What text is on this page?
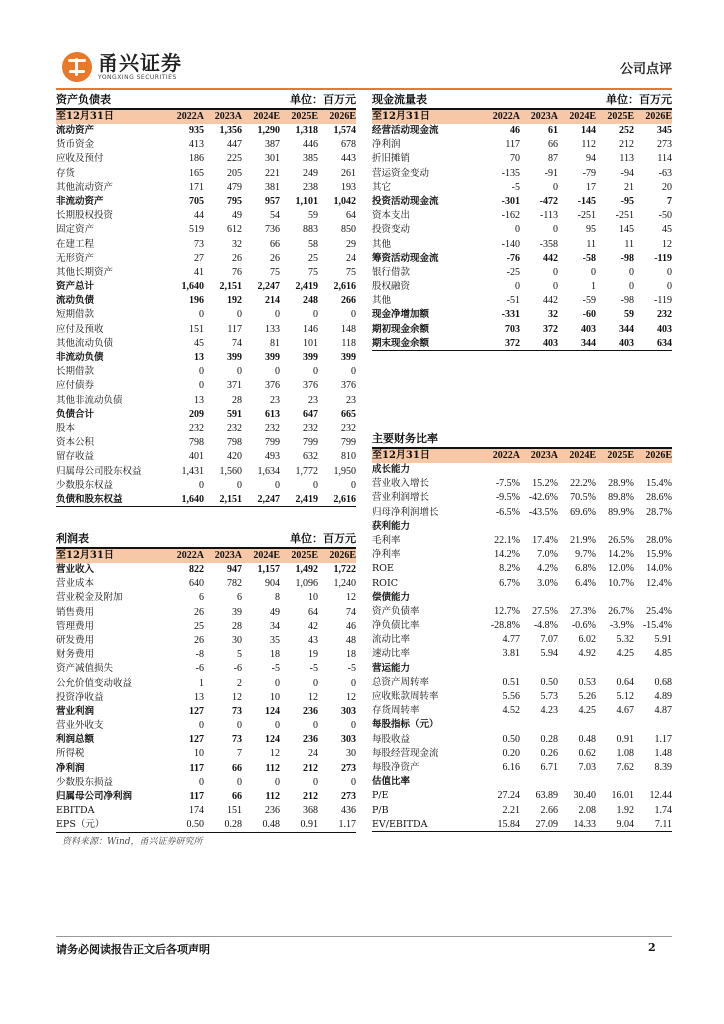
甬兴证券
YONGXING SECURITIES
公司点评
资产负债表	单位：百万元
至12月31日	2022A	2023A	2024E	2025E	2026E
流动资产	935	1,356	1,290	1,318	1,574
货币资金	413	447	387	446	678
应收及预付	186	225	301	385	443
存货	165	205	221	249	261
其他流动资产	171	479	381	238	193
非流动资产	705	795	957	1,101	1,042
长期股权投资	44	49	54	59	64
固定资产	519	612	736	883	850
在建工程	73	32	66	58	29
无形资产	27	26	26	25	24
其他长期资产	41	76	75	75	75
资产总计	1,640	2,151	2,247	2,419	2,616
流动负债	196	192	214	248	266
短期借款	0	0	0	0	0
应付及预收	151	117	133	146	148
其他流动负债	45	74	81	101	118
非流动负债	13	399	399	399	399
长期借款	0	0	0	0	0
应付债券	0	371	376	376	376
其他非流动负债	13	28	23	23	23
负债合计	209	591	613	647	665
股本	232	232	232	232	232
资本公积	798	798	799	799	799
留存收益	401	420	493	632	810
归属母公司股东权益	1,431	1,560	1,634	1,772	1,950
少数股东权益	0	0	0	0	0
负债和股东权益	1,640	2,151	2,247	2,419	2,616
利润表	单位：百万元
至12月31日	2022A	2023A	2024E	2025E	2026E
营业收入	822	947	1,157	1,492	1,722
营业成本	640	782	904	1,096	1,240
营业税金及附加	6	6	8	10	12
销售费用	26	39	49	64	74
管理费用	25	28	34	42	46
研发费用	26	30	35	43	48
财务费用	-8	5	18	19	18
资产减值损失	-6	-6	-5	-5	-5
公允价值变动收益	1	2	0	0	0
投资净收益	13	12	10	12	12
营业利润	127	73	124	236	303
营业外收支	0	0	0	0	0
利润总额	127	73	124	236	303
所得税	10	7	12	24	30
净利润	117	66	112	212	273
少数股东损益	0	0	0	0	0
归属母公司净利润	117	66	112	212	273
EBITDA	174	151	236	368	436
EPS（元）	0.50	0.28	0.48	0.91	1.17
现金流量表	单位：百万元
至12月31日	2022A	2023A	2024E	2025E	2026E
经营活动现金流	46	61	144	252	345
净利润	117	66	112	212	273
折旧摊销	70	87	94	113	114
营运资金变动	-135	-91	-79	-94	-63
其它	-5	0	17	21	20
投资活动现金流	-301	-472	-145	-95	7
资本支出	-162	-113	-251	-251	-50
投资变动	0	0	95	145	45
其他	-140	-358	11	11	12
筹资活动现金流	-76	442	-58	-98	-119
银行借款	-25	0	0	0	0
股权融资	0	0	1	0	0
其他	-51	442	-59	-98	-119
现金净增加额	-331	32	-60	59	232
期初现金余额	703	372	403	344	403
期末现金余额	372	403	344	403	634
主要财务比率
至12月31日	2022A	2023A	2024E	2025E	2026E
成长能力
营业收入增长	-7.5%	15.2%	22.2%	28.9%	15.4%
营业利润增长	-9.5% -42.6%	70.5%	89.8%	28.6%
归母净利润增长	-6.5% -43.5%	69.6%	89.9%	28.7%
获利能力
毛利率	22.1%	17.4%	21.9%	26.5%	28.0%
净利率	14.2%	7.0%	9.7%	14.2%	15.9%
ROE	8.2%	4.2%	6.8%	12.0%	14.0%
ROIC	6.7%	3.0%	6.4%	10.7%	12.4%
偿债能力
资产负债率	12.7%	27.5%	27.3%	26.7%	25.4%
净负债比率	-28.8%	-4.8%	-0.6%	-3.9% -15.4%
流动比率	4.77	7.07	6.02	5.32	5.91
速动比率	3.81	5.94	4.92	4.25	4.85
营运能力
总资产周转率	0.51	0.50	0.53	0.64	0.68
应收账款周转率	5.56	5.73	5.26	5.12	4.89
存货周转率	4.52	4.23	4.25	4.67	4.87
每股指标（元）
每股收益	0.50	0.28	0.48	0.91	1.17
每股经营现金流	0.20	0.26	0.62	1.08	1.48
每股净资产	6.16	6.71	7.03	7.62	8.39
估值比率
P/E	27.24	63.89	30.40	16.01	12.44
P/B	2.21	2.66	2.08	1.92	1.74
EV/EBITDA	15.84	27.09	14.33	9.04	7.11
资料来源：Wind，甬兴证券研究所
请务必阅读报告正文后各项声明	2
